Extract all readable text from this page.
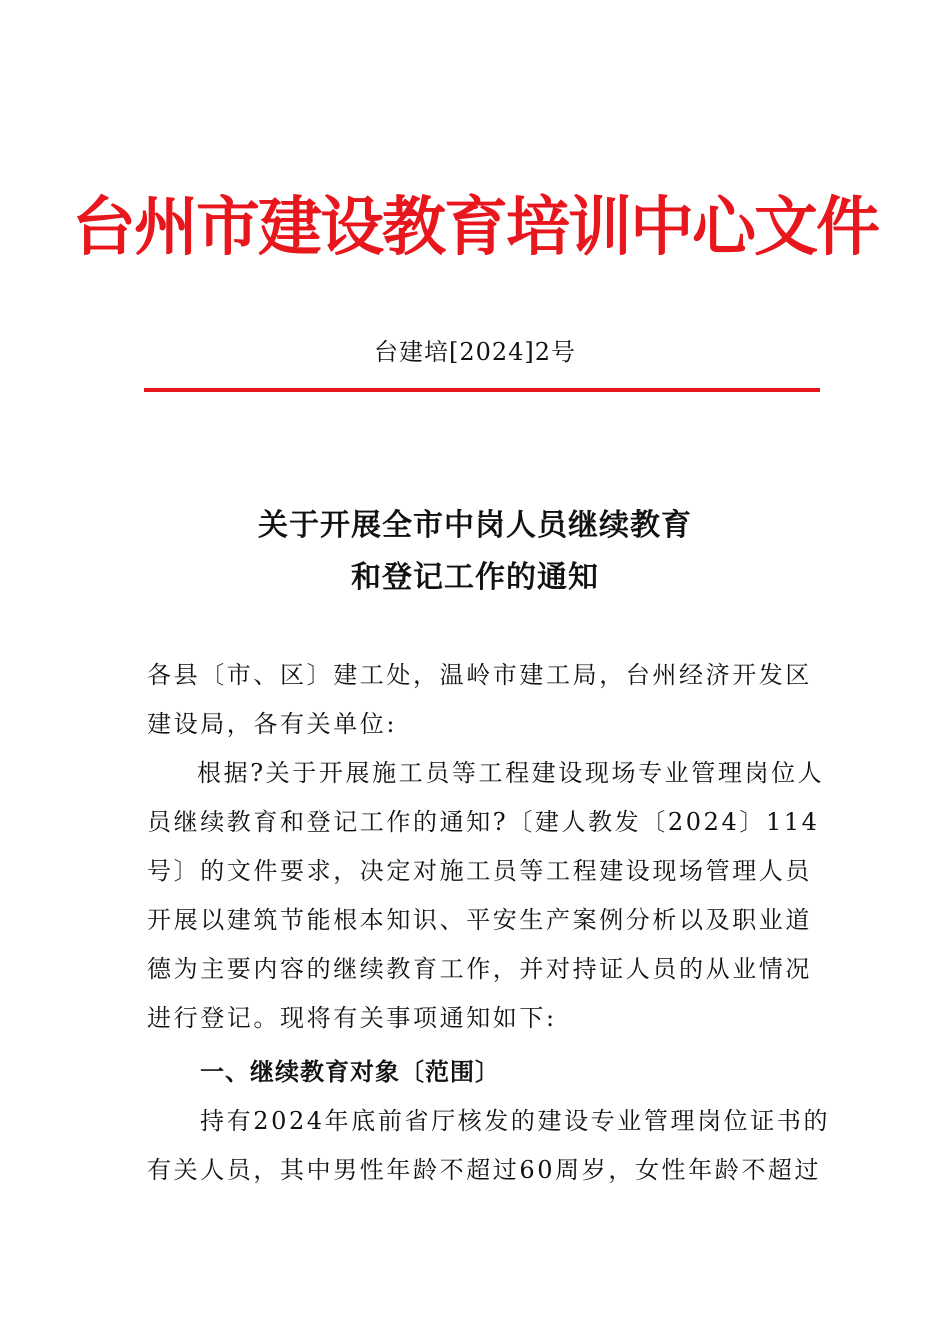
台州市建设教育培训中心文件
台建培[2024]2号
关于开展全市中岗人员继续教育
和登记工作的通知
各县〔市、区〕建工处，温岭市建工局，台州经济开发区
建设局，各有关单位:
根据?关于开展施工员等工程建设现场专业管理岗位人
员继续教育和登记工作的通知?〔建人教发〔2024〕114
号〕的文件要求，决定对施工员等工程建设现场管理人员
开展以建筑节能根本知识、平安生产案例分析以及职业道
德为主要内容的继续教育工作，并对持证人员的从业情况
进行登记。现将有关事项通知如下:
一、继续教育对象〔范围〕
持有2024年底前省厅核发的建设专业管理岗位证书的
有关人员，其中男性年龄不超过60周岁，女性年龄不超过
